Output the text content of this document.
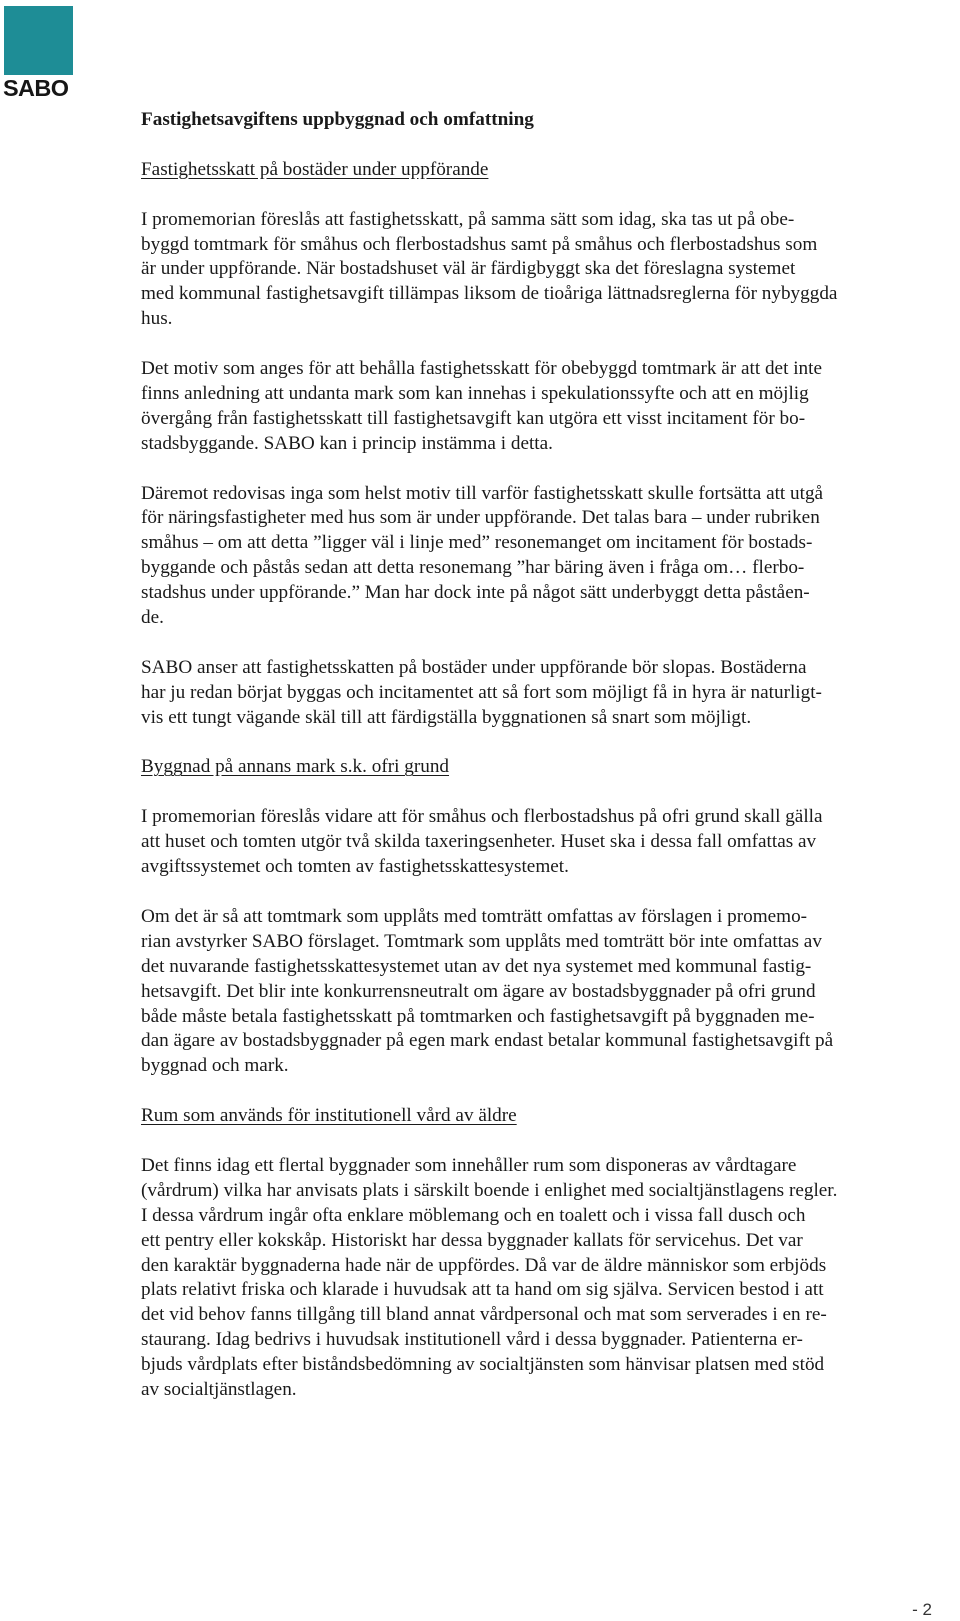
SABO
Fastighetsavgiftens uppbyggnad och omfattning
Fastighetsskatt på bostäder under uppförande
I promemorian föreslås att fastighetsskatt, på samma sätt som idag, ska tas ut på obe-
byggd tomtmark för småhus och flerbostadshus samt på småhus och flerbostadshus som
är under uppförande. När bostadshuset väl är färdigbyggt ska det föreslagna systemet
med kommunal fastighetsavgift tillämpas liksom de tioåriga lättnadsreglerna för nybyggda
hus.
Det motiv som anges för att behålla fastighetsskatt för obebyggd tomtmark är att det inte
finns anledning att undanta mark som kan innehas i spekulationssyfte och att en möjlig
övergång från fastighetsskatt till fastighetsavgift kan utgöra ett visst incitament för bo-
stadsbyggande. SABO kan i princip instämma i detta.
Däremot redovisas inga som helst motiv till varför fastighetsskatt skulle fortsätta att utgå
för näringsfastigheter med hus som är under uppförande. Det talas bara – under rubriken
småhus – om att detta ”ligger väl i linje med” resonemanget om incitament för bostads-
byggande och påstås sedan att detta resonemang ”har bäring även i fråga om… flerbo-
stadshus under uppförande.” Man har dock inte på något sätt underbyggt detta påståen-
de.
SABO anser att fastighetsskatten på bostäder under uppförande bör slopas. Bostäderna
har ju redan börjat byggas och incitamentet att så fort som möjligt få in hyra är naturligt-
vis ett tungt vägande skäl till att färdigställa byggnationen så snart som möjligt.
Byggnad på annans mark s.k. ofri grund
I promemorian föreslås vidare att för småhus och flerbostadshus på ofri grund skall gälla
att huset och tomten utgör två skilda taxeringsenheter. Huset ska i dessa fall omfattas av
avgiftssystemet och tomten av fastighetsskattesystemet.
Om det är så att tomtmark som upplåts med tomträtt omfattas av förslagen i promemo-
rian avstyrker SABO förslaget. Tomtmark som upplåts med tomträtt bör inte omfattas av
det nuvarande fastighetsskattesystemet utan av det nya systemet med kommunal fastig-
hetsavgift. Det blir inte konkurrensneutralt om ägare av bostadsbyggnader på ofri grund
både måste betala fastighetsskatt på tomtmarken och fastighetsavgift på byggnaden me-
dan ägare av bostadsbyggnader på egen mark endast betalar kommunal fastighetsavgift på
byggnad och mark.
Rum som används för institutionell vård av äldre
Det finns idag ett flertal byggnader som innehåller rum som disponeras av vårdtagare
(vårdrum) vilka har anvisats plats i särskilt boende i enlighet med socialtjänstlagens regler.
I dessa vårdrum ingår ofta enklare möblemang och en toalett och i vissa fall dusch och
ett pentry eller kokskåp. Historiskt har dessa byggnader kallats för servicehus. Det var
den karaktär byggnaderna hade när de uppfördes. Då var de äldre människor som erbjöds
plats relativt friska och klarade i huvudsak att ta hand om sig själva. Servicen bestod i att
det vid behov fanns tillgång till bland annat vårdpersonal och mat som serverades i en re-
staurang. Idag bedrivs i huvudsak institutionell vård i dessa byggnader. Patienterna er-
bjuds vårdplats efter biståndsbedömning av socialtjänsten som hänvisar platsen med stöd
av socialtjänstlagen.
- 2
